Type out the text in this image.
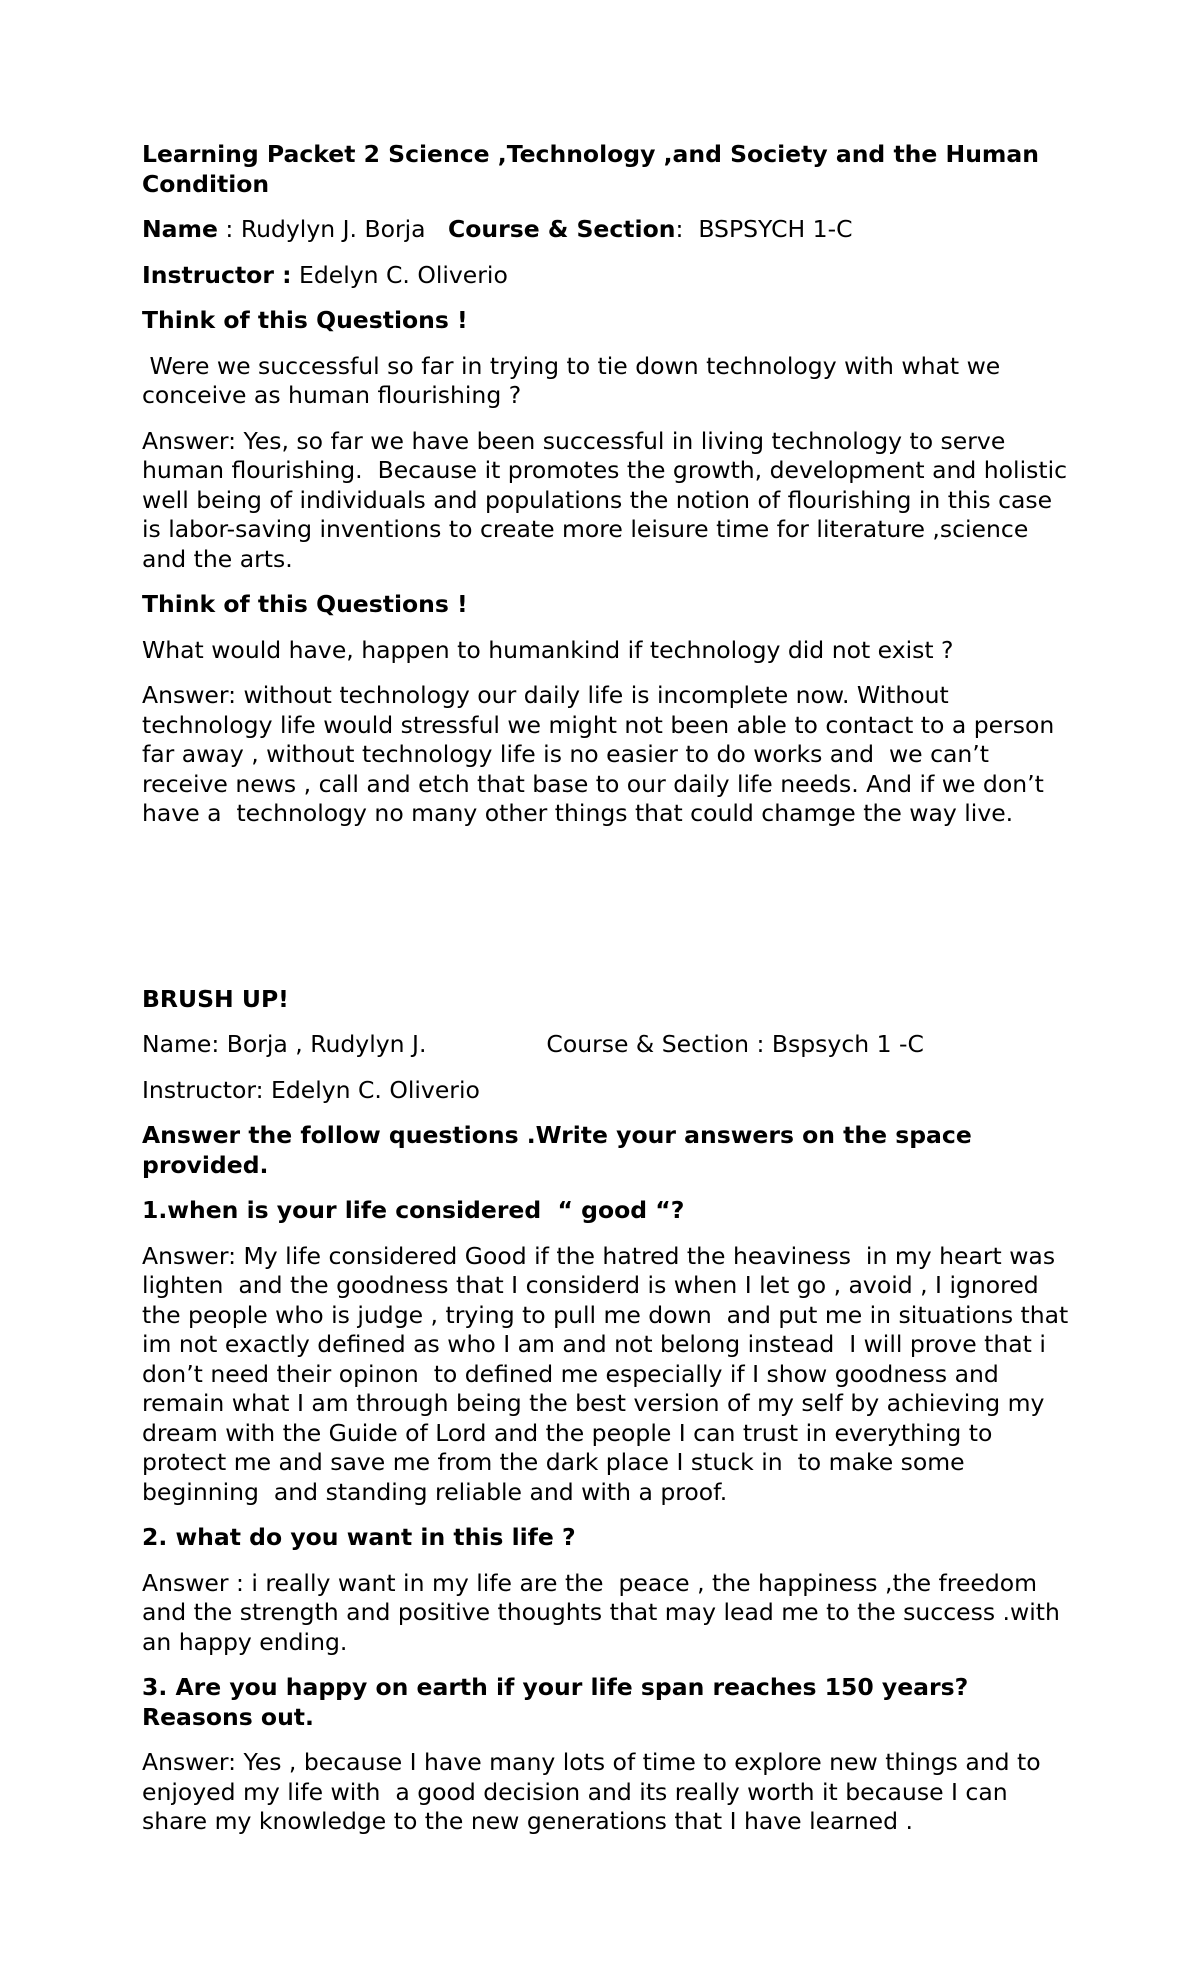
Learning Packet 2 Science ,Technology ,and Society and the Human Condition

Name : Rudylyn J. Borja Course & Section:  BSPSYCH 1-C

Instructor : Edelyn C. Oliverio

Think of this Questions !

Were we successful so far in trying to tie down technology with what we conceive as human flourishing ?

Answer: Yes, so far we have been successful in living technology to serve human flourishing.  Because it promotes the growth, development and holistic  well being of individuals and populations the notion of flourishing in this case is labor-saving inventions to create more leisure time for literature ,science and the arts.

Think of this Questions !

What would have, happen to humankind if technology did not exist ?

Answer: without technology our daily life is incomplete now. Without technology life would stressful we might not been able to contact to a person far away , without technology life is no easier to do works and  we can’t receive news , call and etch that base to our daily life needs. And if we don’t have a  technology no many other things that could chamge the way live.

BRUSH UP!

Name: Borja , Rudylyn J.	Course & Section : Bspsych 1 -C

Instructor: Edelyn C. Oliverio

Answer the follow questions .Write your answers on the space provided.

1.when is your life considered  “ good “?

Answer: My life considered Good if the hatred the heaviness  in my heart was lighten  and the goodness that I considerd is when I let go , avoid , I ignored the people who is judge , trying to pull me down  and put me in situations that  im not exactly defined as who I am and not belong instead  I will prove that i don’t need their opinon  to defined me especially if I show goodness and remain what I am through being the best version of my self by achieving my dream with the Guide of Lord and the people I can trust in everything to protect me and save me from the dark place I stuck in  to make some beginning  and standing reliable and with a proof.

2. what do you want in this life ?

Answer : i really want in my life are the  peace , the happiness ,the freedom and the strength and positive thoughts that may lead me to the success .with an happy ending.

3. Are you happy on earth if your life span reaches 150 years? Reasons out.

Answer: Yes , because I have many lots of time to explore new things and to enjoyed my life with  a good decision and its really worth it because I can share my knowledge to the new generations that I have learned .
